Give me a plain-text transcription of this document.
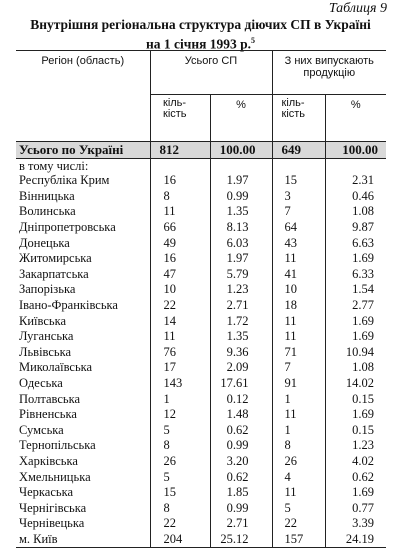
Таблиця 9
Внутрішня регіональна структура діючих СП в Україні
на 1 січня 1993 р.$^5$
Регіон (область)	Усього СП		З них випускають продукцію	

	кіль- кість	%	кіль- кість	%
Усього по Україні	812	100.00	649	100.00
в тому числі:				
Республіка Крим	16	1.97	15	2.31
Вінницька	8	0.99	3	0.46
Волинська	11	1.35	7	1.08
Дніпропетровська	66	8.13	64	9.87
Донецька	49	6.03	43	6.63
Житомирська	16	1.97	11	1.69
Закарпатська	47	5.79	41	6.33
Запорізька	10	1.23	10	1.54
Івано-Франківська	22	2.71	18	2.77
Київська	14	1.72	11	1.69
Луганська	11	1.35	11	1.69
Львівська	76	9.36	71	10.94
Миколаївська	17	2.09	7	1.08
Одеська	143	17.61	91	14.02
Полтавська	1	0.12	1	0.15
Рівненська	12	1.48	11	1.69
Сумська	5	0.62	1	0.15
Тернопільська	8	0.99	8	1.23
Харківська	26	3.20	26	4.02
Хмельницька	5	0.62	4	0.62
Черкаська	15	1.85	11	1.69
Чернігівська	8	0.99	5	0.77
Чернівецька	22	2.71	22	3.39
м. Київ	204	25.12	157	24.19
